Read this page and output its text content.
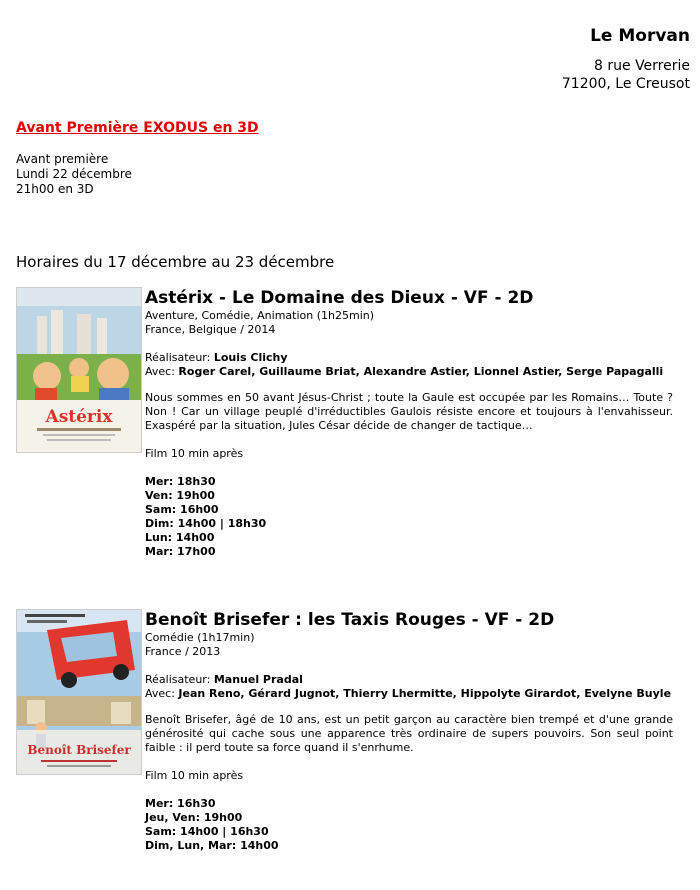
Le Morvan
8 rue Verrerie
71200, Le Creusot
Avant Première EXODUS en 3D
Avant première
Lundi 22 décembre
21h00 en 3D
Horaires du 17 décembre au 23 décembre
Astérix
Astérix - Le Domaine des Dieux - VF - 2D
Aventure, Comédie, Animation (1h25min)
France, Belgique / 2014
Réalisateur: Louis Clichy
Avec: Roger Carel, Guillaume Briat, Alexandre Astier, Lionnel Astier, Serge Papagalli
Nous sommes en 50 avant Jésus-Christ ; toute la Gaule est occupée par les Romains… Toute ? Non ! Car un village peuplé d'irréductibles Gaulois résiste encore et toujours à l'envahisseur. Exaspéré par la situation, Jules César décide de changer de tactique…
Film 10 min après
Mer: 18h30
Ven: 19h00
Sam: 16h00
Dim: 14h00 | 18h30
Lun: 14h00
Mar: 17h00
Benoît Brisefer
Benoît Brisefer : les Taxis Rouges - VF - 2D
Comédie (1h17min)
France / 2013
Réalisateur: Manuel Pradal
Avec: Jean Reno, Gérard Jugnot, Thierry Lhermitte, Hippolyte Girardot, Evelyne Buyle
Benoît Brisefer, âgé de 10 ans, est un petit garçon au caractère bien trempé et d'une grande générosité qui cache sous une apparence très ordinaire de supers pouvoirs. Son seul point faible : il perd toute sa force quand il s'enrhume.
Film 10 min après
Mer: 16h30
Jeu, Ven: 19h00
Sam: 14h00 | 16h30
Dim, Lun, Mar: 14h00
